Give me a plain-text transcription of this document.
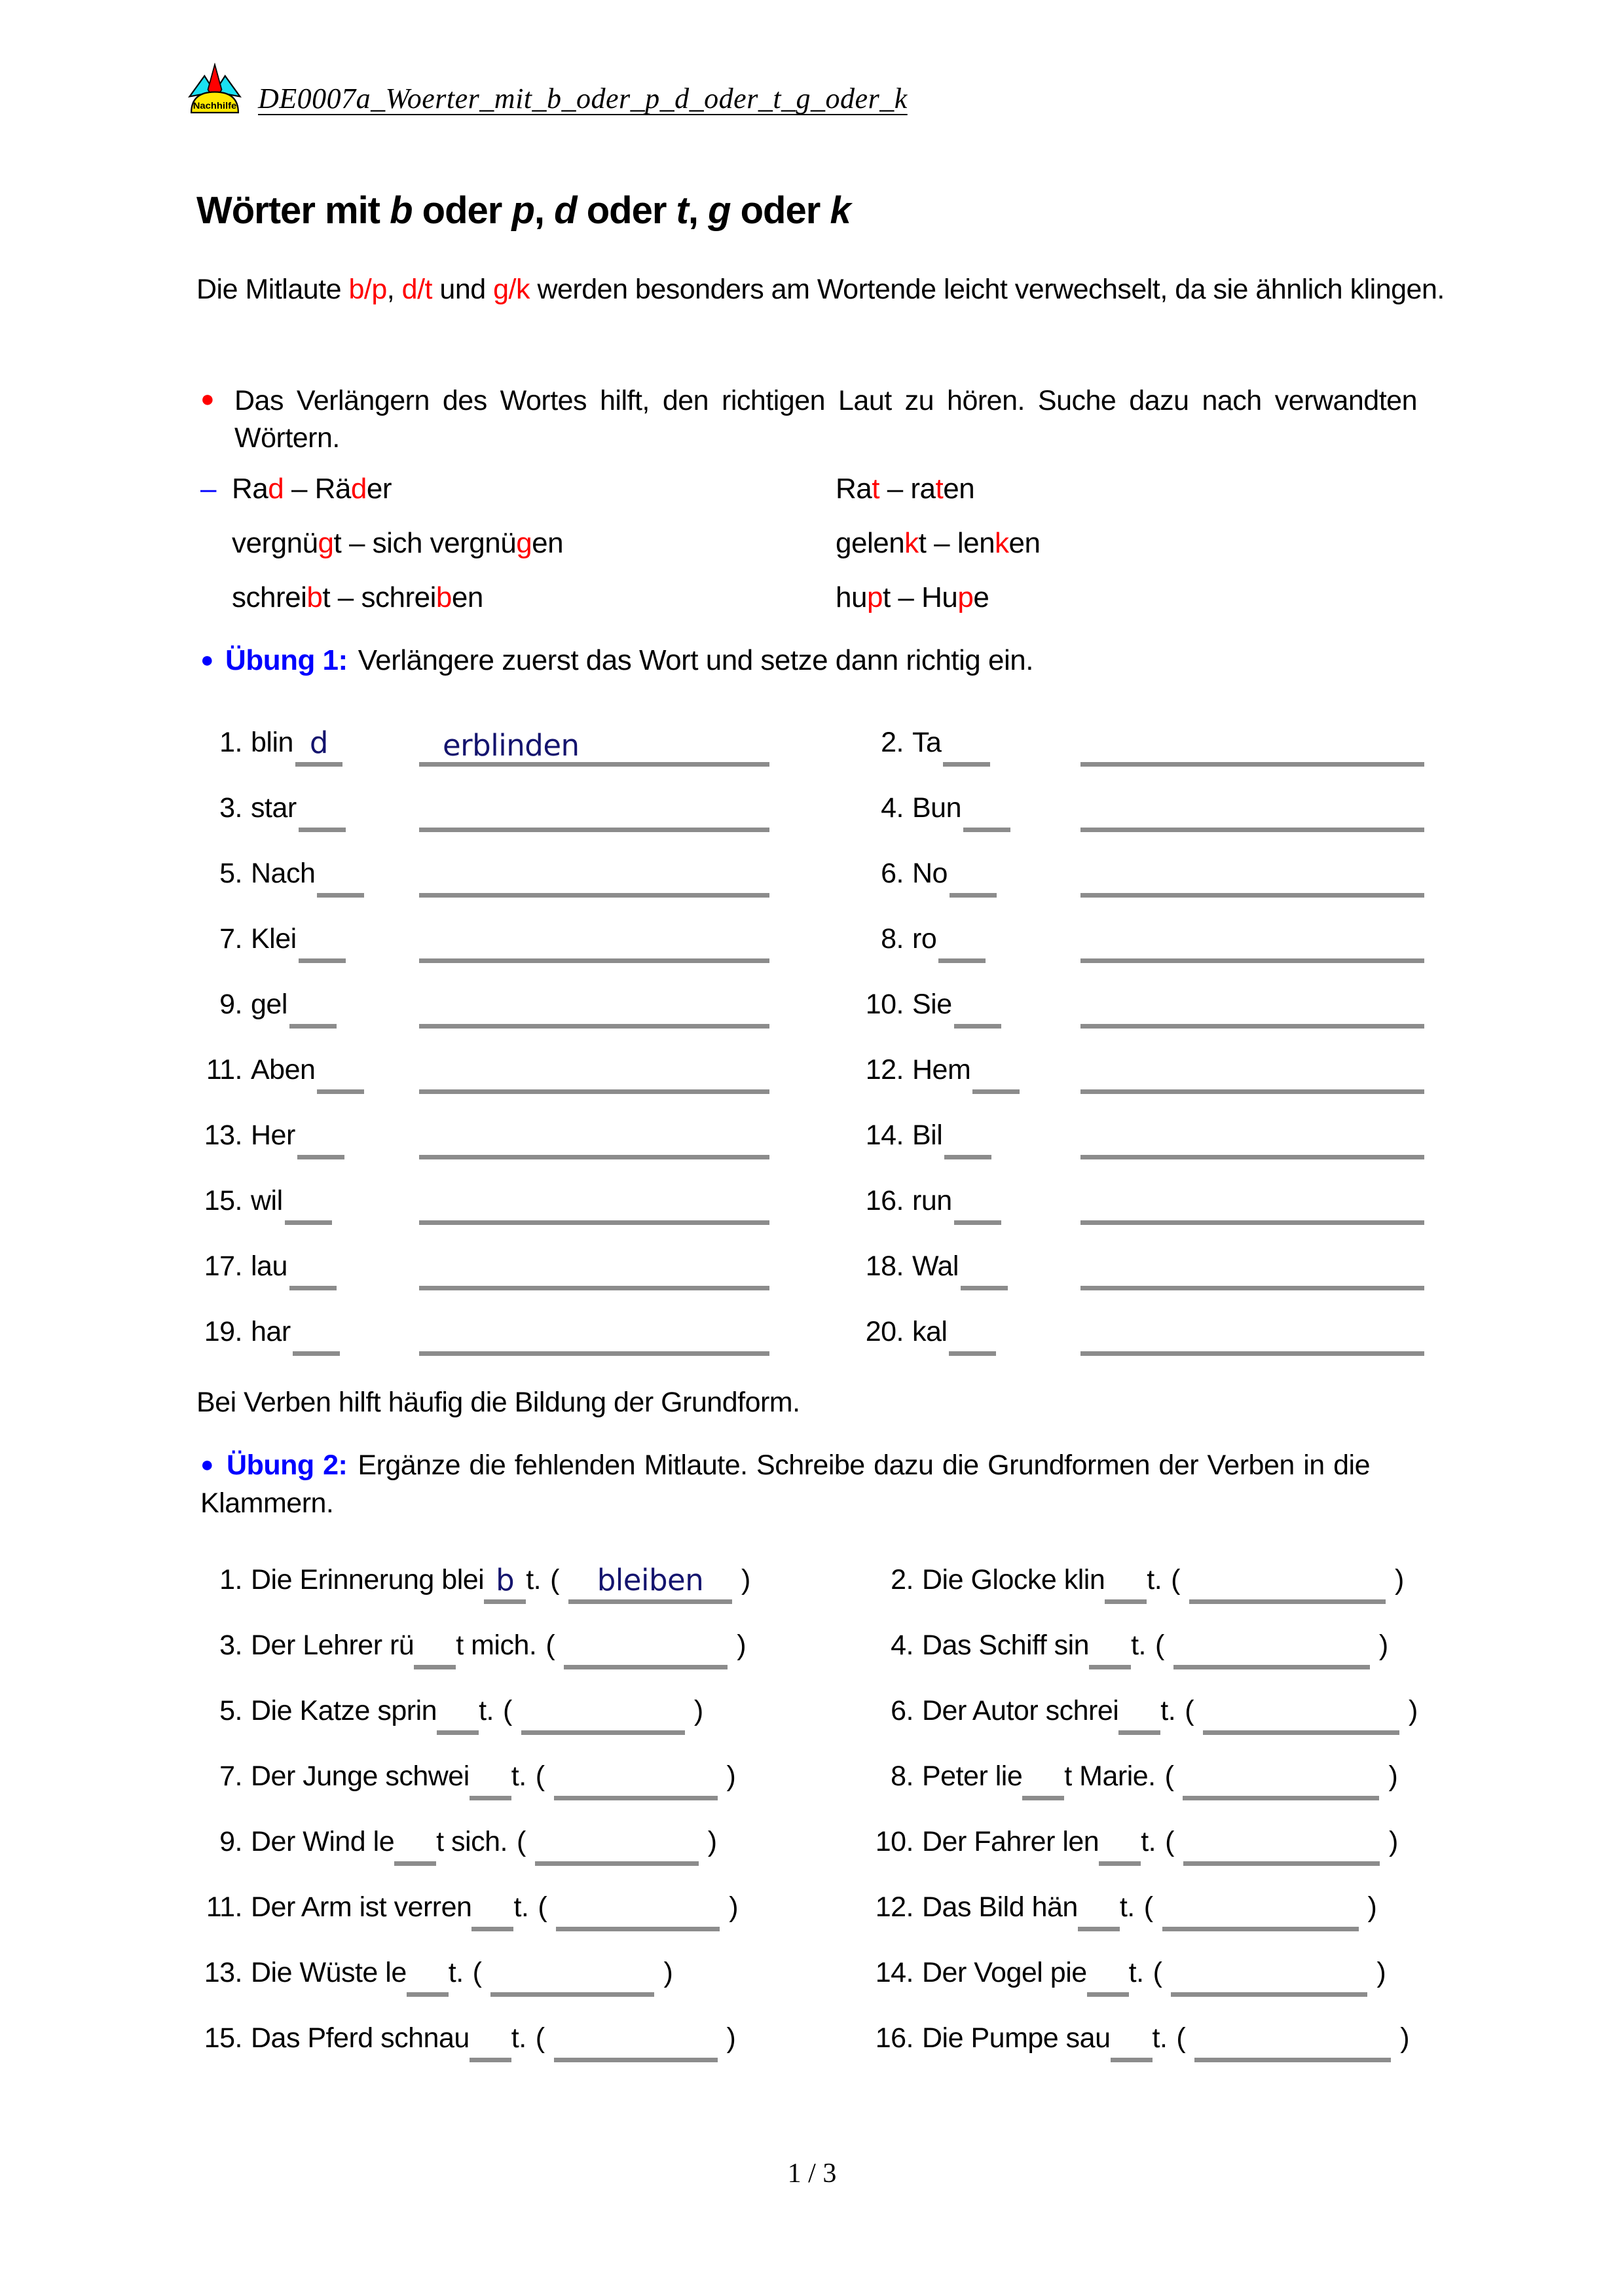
Nachhilfe DE0007a_Woerter_mit_b_oder_p_d_oder_t_g_oder_k
Wörter mit b oder p, d oder t, g oder k

Die Mitlaute b/p, d/t und g/k werden besonders am Wortende leicht verwechselt, da sie ähnlich klingen.

● Das Verlängern des Wortes hilft, den richtigen Laut zu hören. Suche dazu nach verwandten Wörtern.

– Rad – Räder	Rat – raten
vergnügt – sich vergnügen	gelenkt – lenken
schreibt – schreiben	hupt – Hupe
● Übung 1: Verlängere zuerst das Wort und setze dann richtig ein.
1. blin d	erblinden	2. Ta
3. star	4. Bun
5. Nach	6. No
7. Klei	8. ro
9. gel	10. Sie
11. Aben	12. Hem
13. Her	14. Bil
15. wil	16. run
17. lau	18. Wal
19. har	20. kal

Bei Verben hilft häufig die Bildung der Grundform.

● Übung 2: Ergänze die fehlenden Mitlaute. Schreibe dazu die Grundformen der Verben in die Klammern.

1. Die Erinnerung blei b t. (	bleiben	)	2. Die Glocke klin t. (	)
3. Der Lehrer rü t mich. (	)	4. Das Schiff sin t. (	)
5. Die Katze sprin t. (	)	6. Der Autor schrei t. (	)
7. Der Junge schwei t. (	)	8. Peter lie t Marie. (	)
9. Der Wind le t sich. (	)	10. Der Fahrer len t. (	)
11. Der Arm ist verren t. (	)	12. Das Bild hän t. (	)
13. Die Wüste le t. (	)	14. Der Vogel pie t. (	)
15. Das Pferd schnau t. (	)	16. Die Pumpe sau t. (	)
1 / 3
